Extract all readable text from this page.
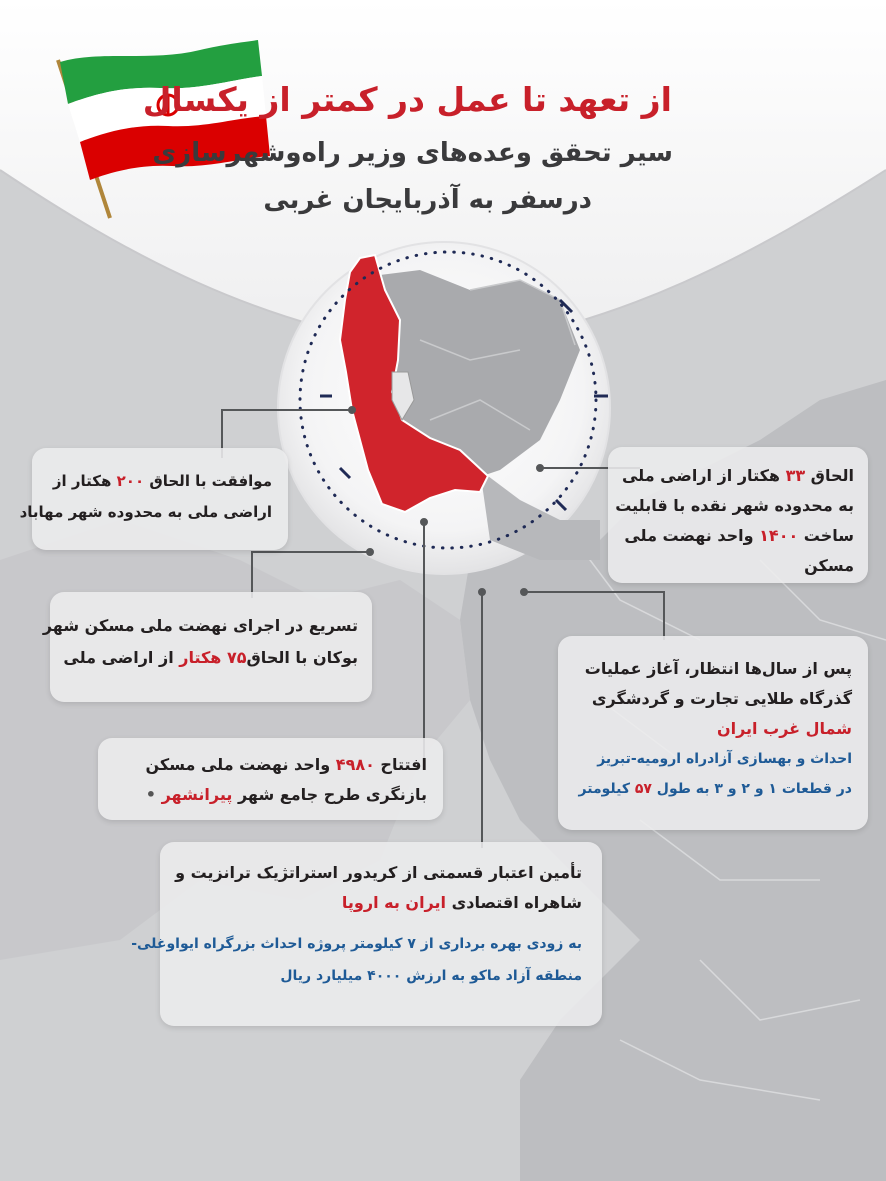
از تعهد تا عمل در کمتر از یکسال
سیر تحقق وعده‌های وزیر راه‌وشهرسازی
درسفر به آذربایجان غربی
موافقت با الحاق ۲۰۰ هکتار از
اراضی ملی به محدوده شهر مهاباد
تسریع در اجرای نهضت ملی مسکن شهر
بوکان با الحاق۷۵ هکتار از اراضی ملی
افتتاح ۴۹۸۰ واحد نهضت ملی مسکن
بازنگری طرح جامع شهر پیرانشهر •
الحاق ۳۳ هکتار از اراضی ملی
به محدوده شهر نقده با قابلیت
ساخت ۱۴۰۰ واحد نهضت ملی
مسکن
پس از سال‌ها انتظار، آغاز عملیات
گذرگاه طلایی تجارت و گردشگری
شمال غرب ایران
احداث و بهسازی آزادراه ارومیه-تبریز
در قطعات ۱ و ۲ و ۳ به طول ۵۷ کیلومتر
تأمین اعتبار قسمتی از کریدور استراتژیک ترانزیت و
شاهراه اقتصادی ایران به اروپا
به زودی بهره برداری از ۷ کیلومتر پروژه احداث بزرگراه ایواوغلی-
منطقه آزاد ماکو به ارزش ۴۰۰۰ میلیارد ریال
